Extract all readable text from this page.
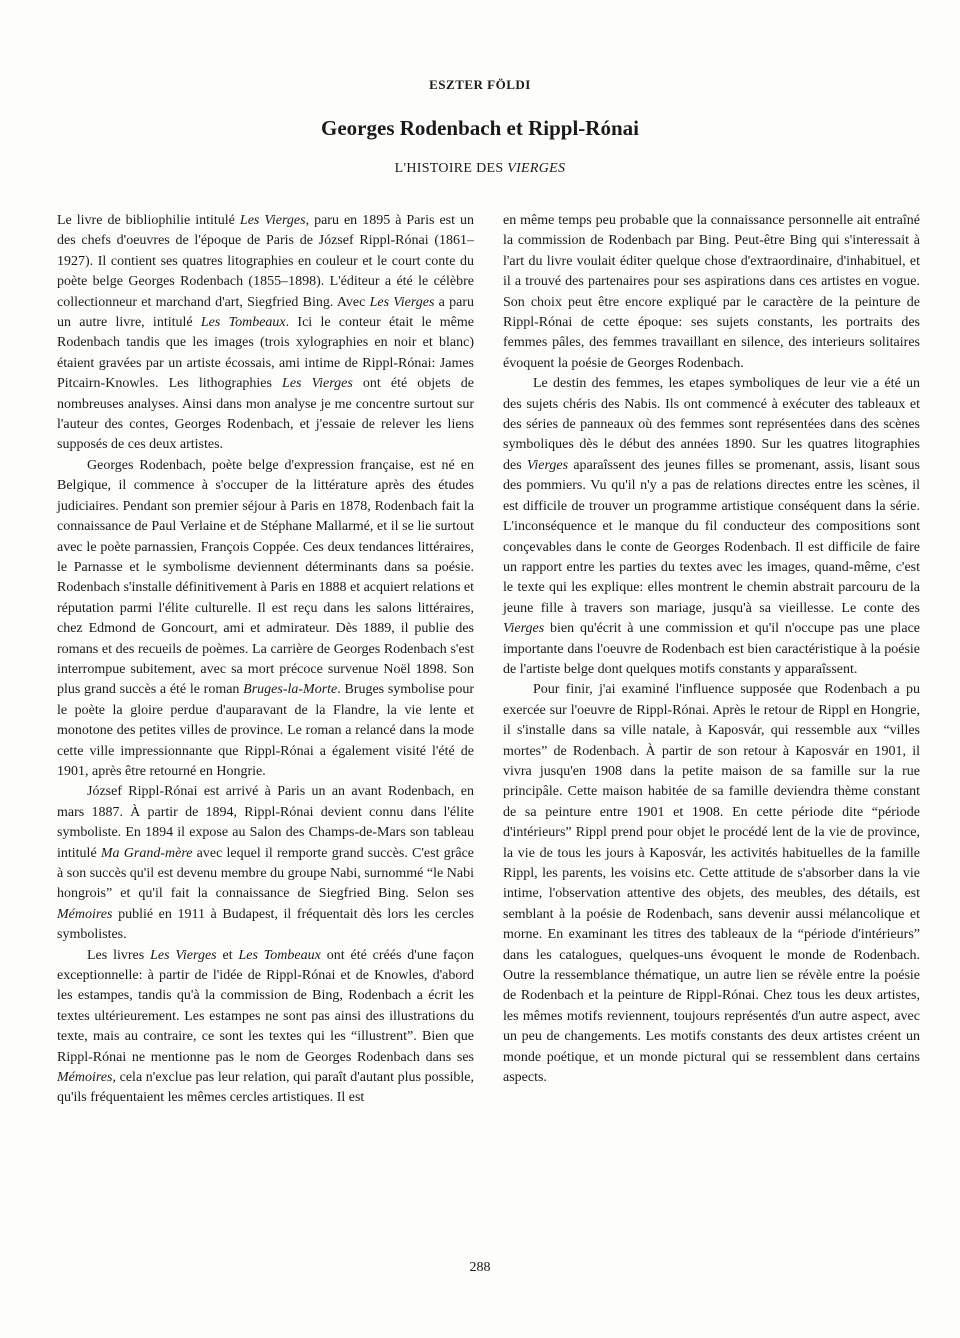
ESZTER FÖLDI
Georges Rodenbach et Rippl-Rónai
L'HISTOIRE DES VIERGES

Le livre de bibliophilie intitulé Les Vierges, paru en 1895 à Paris est un des chefs d'oeuvres de l'époque de Paris de József Rippl-Rónai (1861–1927). Il contient ses quatres litographies en couleur et le court conte du poète belge Georges Rodenbach (1855–1898). L'éditeur a été le célèbre collectionneur et marchand d'art, Siegfried Bing. Avec Les Vierges a paru un autre livre, intitulé Les Tombeaux. Ici le conteur était le même Rodenbach tandis que les images (trois xylographies en noir et blanc) étaient gravées par un artiste écossais, ami intime de Rippl-Rónai: James Pitcairn-Knowles. Les lithographies Les Vierges ont été objets de nombreuses analyses. Ainsi dans mon analyse je me concentre surtout sur l'auteur des contes, Georges Rodenbach, et j'essaie de relever les liens supposés de ces deux artistes.

Georges Rodenbach, poète belge d'expression française, est né en Belgique, il commence à s'occuper de la littérature après des études judiciaires. Pendant son premier séjour à Paris en 1878, Rodenbach fait la connaissance de Paul Verlaine et de Stéphane Mallarmé, et il se lie surtout avec le poète parnassien, François Coppée. Ces deux tendances littéraires, le Parnasse et le symbolisme deviennent déterminants dans sa poésie. Rodenbach s'installe définitivement à Paris en 1888 et acquiert relations et réputation parmi l'élite culturelle. Il est reçu dans les salons littéraires, chez Edmond de Goncourt, ami et admirateur. Dès 1889, il publie des romans et des recueils de poèmes. La carrière de Georges Rodenbach s'est interrompue subitement, avec sa mort précoce survenue Noël 1898. Son plus grand succès a été le roman Bruges-la-Morte. Bruges symbolise pour le poète la gloire perdue d'auparavant de la Flandre, la vie lente et monotone des petites villes de province. Le roman a relancé dans la mode cette ville impressionnante que Rippl-Rónai a également visité l'été de 1901, après être retourné en Hongrie.

József Rippl-Rónai est arrivé à Paris un an avant Rodenbach, en mars 1887. À partir de 1894, Rippl-Rónai devient connu dans l'élite symboliste. En 1894 il expose au Salon des Champs-de-Mars son tableau intitulé Ma Grand-mère avec lequel il remporte grand succès. C'est grâce à son succès qu'il est devenu membre du groupe Nabi, surnommé “le Nabi hongrois” et qu'il fait la connaissance de Siegfried Bing. Selon ses Mémoires publié en 1911 à Budapest, il fréquentait dès lors les cercles symbolistes.

Les livres Les Vierges et Les Tombeaux ont été créés d'une façon exceptionnelle: à partir de l'idée de Rippl-Rónai et de Knowles, d'abord les estampes, tandis qu'à la commission de Bing, Rodenbach a écrit les textes ultérieurement. Les estampes ne sont pas ainsi des illustrations du texte, mais au contraire, ce sont les textes qui les “illustrent”. Bien que Rippl-Rónai ne mentionne pas le nom de Georges Rodenbach dans ses Mémoires, cela n'exclue pas leur relation, qui paraît d'autant plus possible, qu'ils fréquentaient les mêmes cercles artistiques. Il est

en même temps peu probable que la connaissance personnelle ait entraîné la commission de Rodenbach par Bing. Peut-être Bing qui s'interessait à l'art du livre voulait éditer quelque chose d'extraordinaire, d'inhabituel, et il a trouvé des partenaires pour ses aspirations dans ces artistes en vogue. Son choix peut être encore expliqué par le caractère de la peinture de Rippl-Rónai de cette époque: ses sujets constants, les portraits des femmes pâles, des femmes travaillant en silence, des interieurs solitaires évoquent la poésie de Georges Rodenbach.

Le destin des femmes, les etapes symboliques de leur vie a été un des sujets chéris des Nabis. Ils ont commencé à exécuter des tableaux et des séries de panneaux où des femmes sont représentées dans des scènes symboliques dès le début des années 1890. Sur les quatres litographies des Vierges aparaîssent des jeunes filles se promenant, assis, lisant sous des pommiers. Vu qu'il n'y a pas de relations directes entre les scènes, il est difficile de trouver un programme artistique conséquent dans la série. L'inconséquence et le manque du fil conducteur des compositions sont conçevables dans le conte de Georges Rodenbach. Il est difficile de faire un rapport entre les parties du textes avec les images, quand-même, c'est le texte qui les explique: elles montrent le chemin abstrait parcouru de la jeune fille à travers son mariage, jusqu'à sa vieillesse. Le conte des Vierges bien qu'écrit à une commission et qu'il n'occupe pas une place importante dans l'oeuvre de Rodenbach est bien caractéristique à la poésie de l'artiste belge dont quelques motifs constants y apparaîssent.

Pour finir, j'ai examiné l'influence supposée que Rodenbach a pu exercée sur l'oeuvre de Rippl-Rónai. Après le retour de Rippl en Hongrie, il s'installe dans sa ville natale, à Kaposvár, qui ressemble aux “villes mortes” de Rodenbach. À partir de son retour à Kaposvár en 1901, il vivra jusqu'en 1908 dans la petite maison de sa famille sur la rue principâle. Cette maison habitée de sa famille deviendra thème constant de sa peinture entre 1901 et 1908. En cette période dite “période d'intérieurs” Rippl prend pour objet le procédé lent de la vie de province, la vie de tous les jours à Kaposvár, les activités habituelles de la famille Rippl, les parents, les voisins etc. Cette attitude de s'absorber dans la vie intime, l'observation attentive des objets, des meubles, des détails, est semblant à la poésie de Rodenbach, sans devenir aussi mélancolique et morne. En examinant les titres des tableaux de la “période d'intérieurs” dans les catalogues, quelques-uns évoquent le monde de Rodenbach. Outre la ressemblance thématique, un autre lien se révèle entre la poésie de Rodenbach et la peinture de Rippl-Rónai. Chez tous les deux artistes, les mêmes motifs reviennent, toujours représentés d'un autre aspect, avec un peu de changements. Les motifs constants des deux artistes créent un monde poétique, et un monde pictural qui se ressemblent dans certains aspects.

288
